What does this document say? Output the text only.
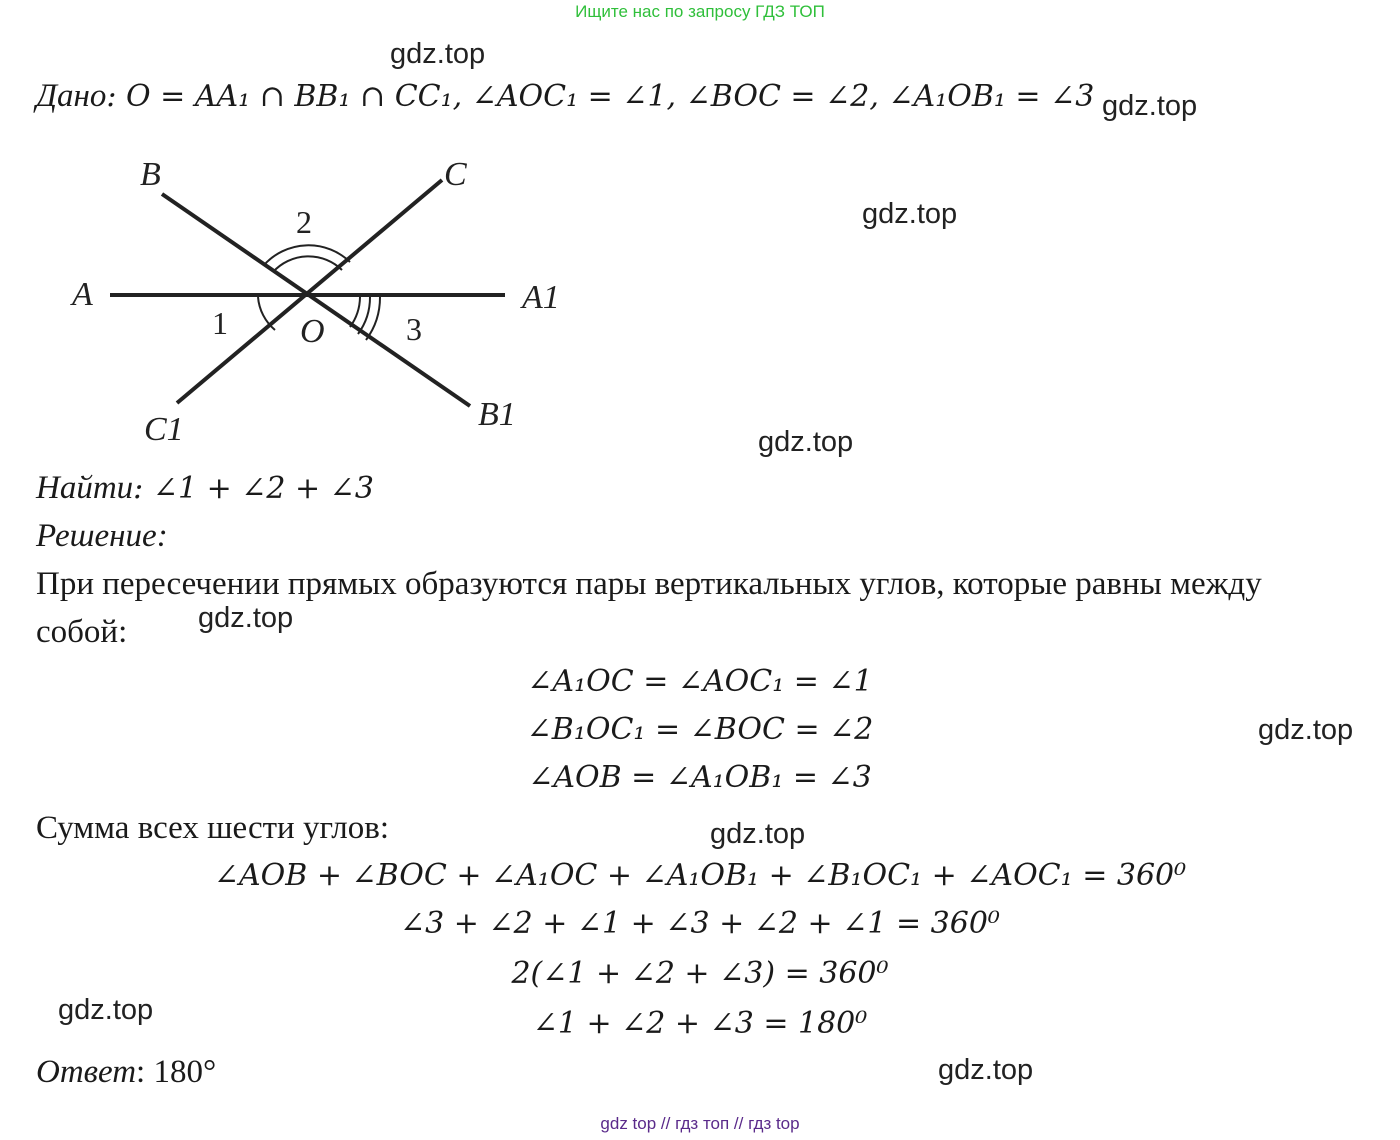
Ищите нас по запросу ГДЗ ТОП
gdz.top
gdz.top
gdz.top
gdz.top
gdz.top
gdz.top
gdz.top
gdz.top
gdz.top
Дано: O = AA₁ ∩ BB₁ ∩ CC₁, ∠AOC₁ = ∠1, ∠BOC = ∠2, ∠A₁OB₁ = ∠3
B	C
A	A1
O
B1
C1
2
1	3
Найти: ∠1 + ∠2 + ∠3
Решение:
При пересечении прямых образуются пары вертикальных углов, которые равны между
собой:
∠A₁OC = ∠AOC₁ = ∠1
∠B₁OC₁ = ∠BOC = ∠2
∠AOB = ∠A₁OB₁ = ∠3
Сумма всех шести углов:
∠AOB + ∠BOC + ∠A₁OC + ∠A₁OB₁ + ∠B₁OC₁ + ∠AOC₁ = 360⁰
∠3 + ∠2 + ∠1 + ∠3 + ∠2 + ∠1 = 360⁰
2(∠1 + ∠2 + ∠3) = 360⁰
∠1 + ∠2 + ∠3 = 180⁰
Ответ: 180°
gdz top // гдз топ // гдз top
